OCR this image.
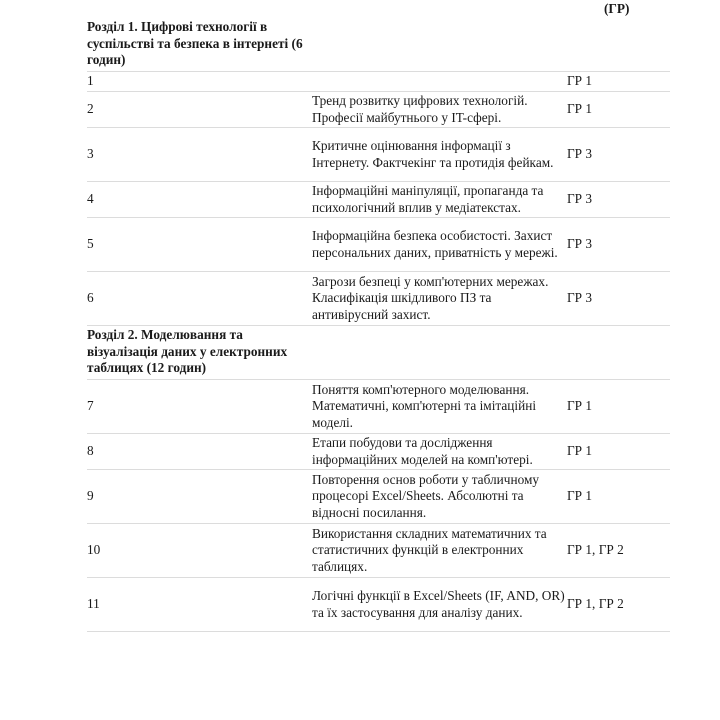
(ГР)
Розділ 1. Цифрові технології в суспільстві та безпека в інтернеті (6 годин)
1	ГР 1
2
Тренд розвитку цифрових технологій. Професії майбутнього у IT-сфері.
ГР 1
3
Критичне оцінювання інформації з Інтернету. Фактчекінг та протидія фейкам.
ГР 3
4
Інформаційні маніпуляції, пропаганда та психологічний вплив у медіатекстах.
ГР 3
5
Інформаційна безпека особистості. Захист персональних даних, приватність у мережі.
ГР 3
6
Загрози безпеці у комп'ютерних мережах. Класифікація шкідливого ПЗ та антивірусний захист.
ГР 3
Розділ 2. Моделювання та візуалізація даних у електронних таблицях (12 годин)
7
Поняття комп'ютерного моделювання. Математичні, комп'ютерні та імітаційні моделі.
ГР 1
8
Етапи побудови та дослідження інформаційних моделей на комп'ютері.
ГР 1
9
Повторення основ роботи у табличному процесорі Excel/Sheets. Абсолютні та відносні посилання.
ГР 1
10
Використання складних математичних та статистичних функцій в електронних таблицях.
ГР 1, ГР 2
11
Логічні функції в Excel/Sheets (IF, AND, OR) та їх застосування для аналізу даних.
ГР 1, ГР 2
